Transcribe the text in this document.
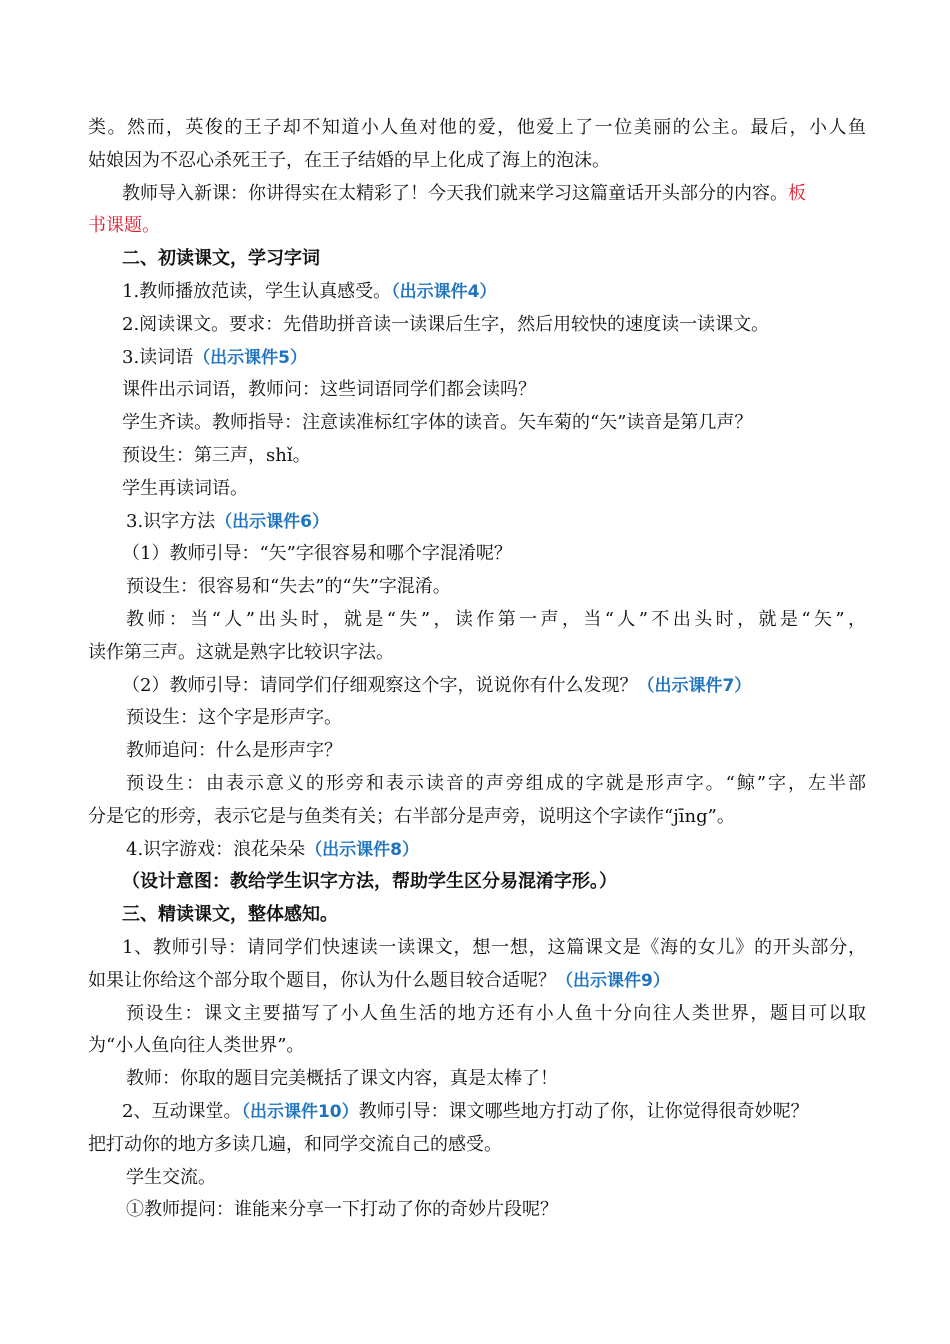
类。然而，英俊的王子却不知道小人鱼对他的爱，他爱上了一位美丽的公主。最后，小人鱼
姑娘因为不忍心杀死王子，在王子结婚的早上化成了海上的泡沫。
教师导入新课：你讲得实在太精彩了！今天我们就来学习这篇童话开头部分的内容。板
书课题。
二、初读课文，学习字词
1.教师播放范读，学生认真感受。（出示课件4）
2.阅读课文。要求：先借助拼音读一读课后生字，然后用较快的速度读一读课文。
3.读词语（出示课件5）
课件出示词语，教师问：这些词语同学们都会读吗？
学生齐读。教师指导：注意读准标红字体的读音。矢车菊的“矢”读音是第几声？
预设生：第三声，shǐ。
学生再读词语。
3.识字方法（出示课件6）
（1）教师引导：“矢”字很容易和哪个字混淆呢？
预设生：很容易和“失去”的“失”字混淆。
教师：当“人”出头时，就是“失”，读作第一声，当“人”不出头时，就是“矢”，
读作第三声。这就是熟字比较识字法。
（2）教师引导：请同学们仔细观察这个字，说说你有什么发现？（出示课件7）
预设生：这个字是形声字。
教师追问：什么是形声字？
预设生：由表示意义的形旁和表示读音的声旁组成的字就是形声字。“鲸”字，左半部
分是它的形旁，表示它是与鱼类有关；右半部分是声旁，说明这个字读作“jīng”。
4.识字游戏：浪花朵朵（出示课件8）
（设计意图：教给学生识字方法，帮助学生区分易混淆字形。）
三、精读课文，整体感知。
1、教师引导：请同学们快速读一读课文，想一想，这篇课文是《海的女儿》的开头部分，
如果让你给这个部分取个题目，你认为什么题目较合适呢？（出示课件9）
预设生：课文主要描写了小人鱼生活的地方还有小人鱼十分向往人类世界，题目可以取
为“小人鱼向往人类世界”。
教师：你取的题目完美概括了课文内容，真是太棒了！
2、互动课堂。（出示课件10）教师引导：课文哪些地方打动了你，让你觉得很奇妙呢？
把打动你的地方多读几遍，和同学交流自己的感受。
学生交流。
①教师提问：谁能来分享一下打动了你的奇妙片段呢？
